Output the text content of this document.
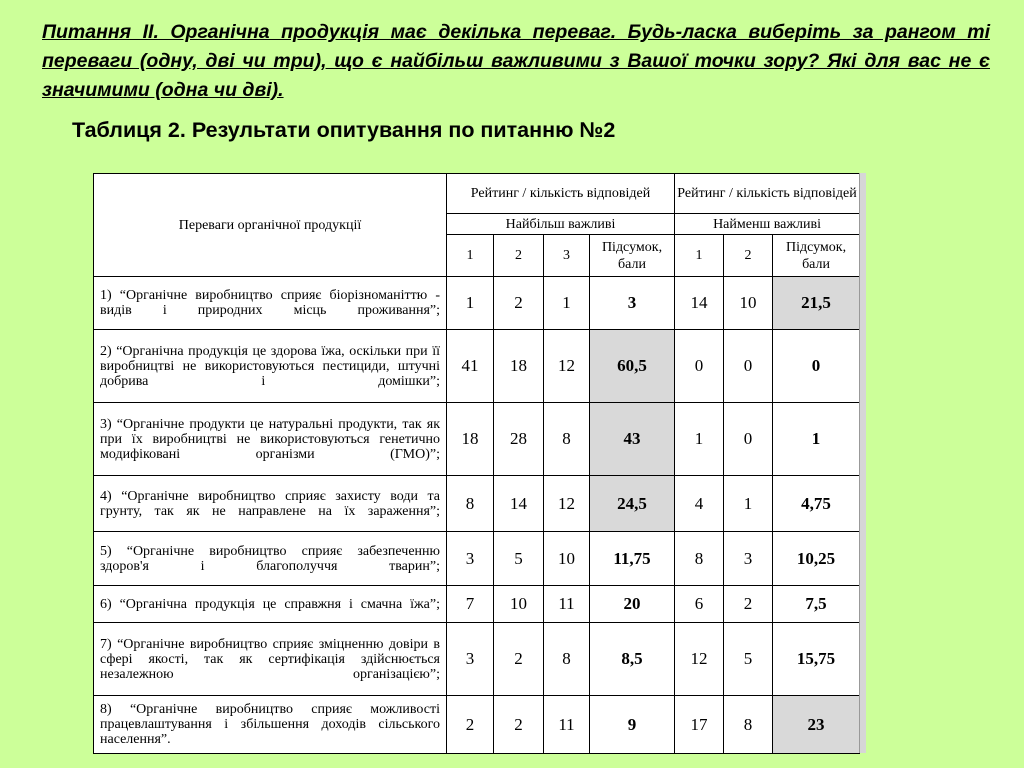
Питання ІІ. Органічна продукція має декілька переваг. Будь-ласка виберіть за рангом ті переваги (одну, дві чи три), що є найбільш важливими з Вашої точки зору? Які для вас не є значимими (одна чи дві).
Таблиця 2. Результати опитування по питанню №2
Переваги органічної продукції	Рейтинг / кількість відповідей				Рейтинг / кількість відповідей		
	Найбільш важливі				Найменш важливі		
	1	2	3	Підсумок, бали	1	2	Підсумок, бали
1) “Органічне виробництво сприяє біорізноманіттю - видів і природних місць проживання”;	1	2	1	3	14	10	21,5
2) “Органічна продукція це здорова їжа, оскільки при її виробництві не використовуються пестициди, штучні добрива і домішки”;	41	18	12	60,5	0	0	0
3) “Органічне продукти це натуральні продукти, так як при їх виробництві не використовуються генетично модифіковані організми (ГМО)”;	18	28	8	43	1	0	1
4) “Органічне виробництво сприяє захисту води та грунту, так як не направлене на їх зараження”;	8	14	12	24,5	4	1	4,75
5) “Органічне виробництво сприяє забезпеченню здоров'я і благополуччя тварин”;	3	5	10	11,75	8	3	10,25
6) “Органічна продукція це справжня і смачна їжа”;	7	10	11	20	6	2	7,5
7) “Органічне виробництво сприяє зміцненню довіри в сфері якості, так як сертифікація здійснюється незалежною організацією”;	3	2	8	8,5	12	5	15,75
8) “Органічне виробництво сприяє можливості працевлаштування і збільшення доходів сільського населення”.	2	2	11	9	17	8	23
